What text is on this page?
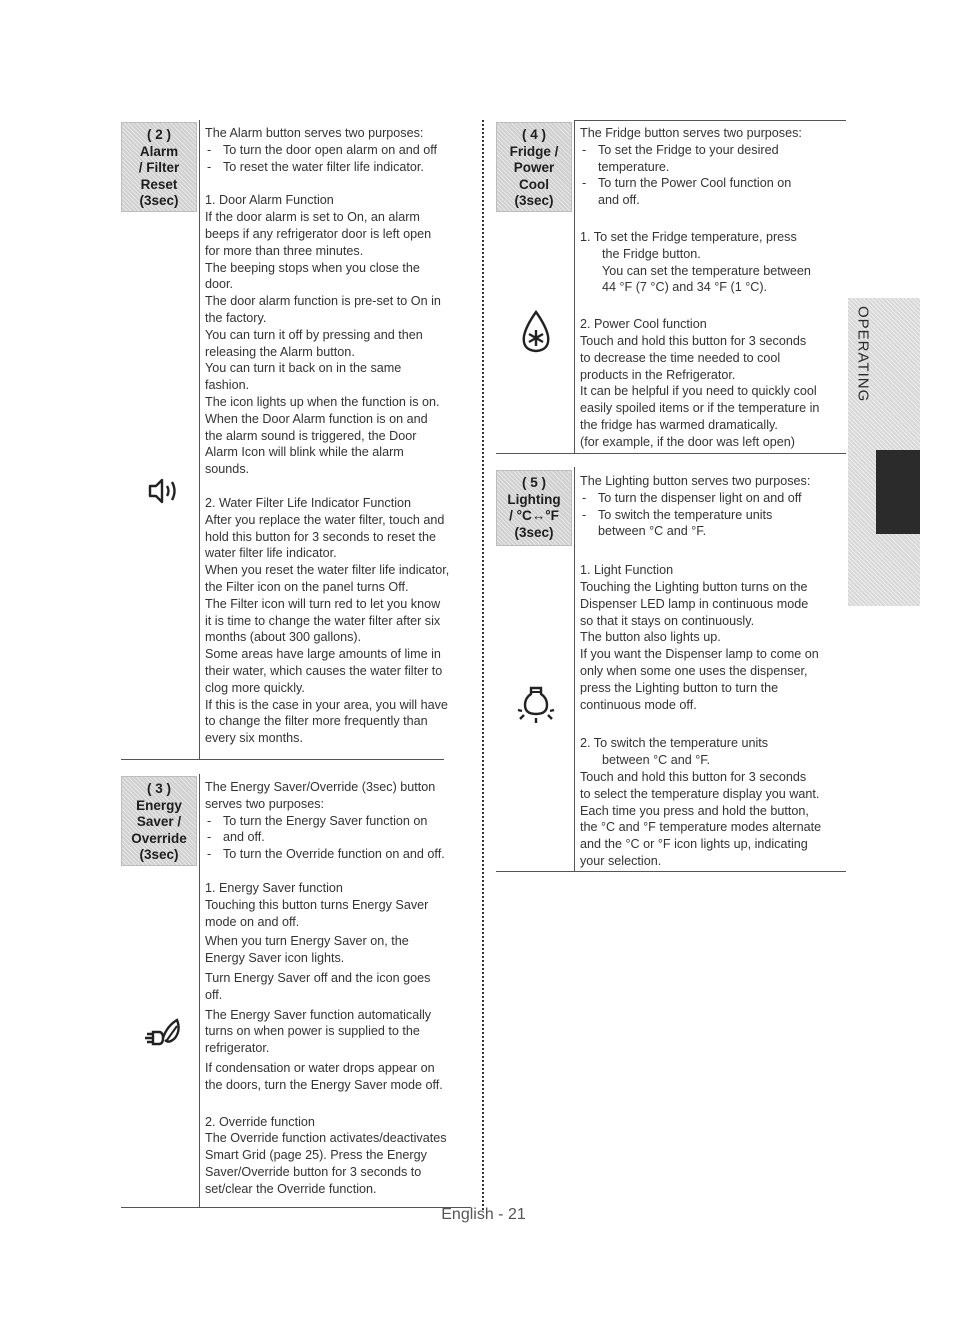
( 2 )
Alarm
/ Filter
Reset
(3sec)

The Alarm button serves two purposes:

- To turn the door open alarm on and off

- To reset the water filter life indicator.

1. Door Alarm Function

If the door alarm is set to On, an alarm

beeps if any refrigerator door is left open

for more than three minutes.

The beeping stops when you close the

door.

The door alarm function is pre-set to On in

the factory.

You can turn it off by pressing and then

releasing the Alarm button.

You can turn it back on in the same

fashion.

The icon lights up when the function is on.

When the Door Alarm function is on and

the alarm sound is triggered, the Door

Alarm Icon will blink while the alarm

sounds.

2. Water Filter Life Indicator Function

After you replace the water filter, touch and

hold this button for 3 seconds to reset the

water filter life indicator.

When you reset the water filter life indicator,

the Filter icon on the panel turns Off.

The Filter icon will turn red to let you know

it is time to change the water filter after six

months (about 300 gallons).

Some areas have large amounts of lime in

their water, which causes the water filter to

clog more quickly.

If this is the case in your area, you will have

to change the filter more frequently than

every six months.

( 3 )
Energy
Saver /
Override
(3sec)

The Energy Saver/Override (3sec) button

serves two purposes:

- To turn the Energy Saver function on

- and off.

- To turn the Override function on and off.

1. Energy Saver function

Touching this button turns Energy Saver

mode on and off.

When you turn Energy Saver on, the

Energy Saver icon lights.

Turn Energy Saver off and the icon goes

off.

The Energy Saver function automatically

turns on when power is supplied to the

refrigerator.

If condensation or water drops appear on

the doors, turn the Energy Saver mode off.

2. Override function

The Override function activates/deactivates

Smart Grid (page 25). Press the Energy

Saver/Override button for 3 seconds to

set/clear the Override function.

( 4 )
Fridge /
Power
Cool
(3sec)

The Fridge button serves two purposes:

- To set the Fridge to your desired

temperature.

- To turn the Power Cool function on

and off.

1. To set the Fridge temperature, press

the Fridge button.

You can set the temperature between

44 °F (7 °C) and 34 °F (1 °C).

2. Power Cool function

Touch and hold this button for 3 seconds

to decrease the time needed to cool

products in the Refrigerator.

It can be helpful if you need to quickly cool

easily spoiled items or if the temperature in

the fridge has warmed dramatically.

(for example, if the door was left open)

( 5 )
Lighting
/ °C↔°F
(3sec)

The Lighting button serves two purposes:

- To turn the dispenser light on and off

- To switch the temperature units

between °C and °F.

1. Light Function

Touching the Lighting button turns on the

Dispenser LED lamp in continuous mode

so that it stays on continuously.

The button also lights up.

If you want the Dispenser lamp to come on

only when some one uses the dispenser,

press the Lighting button to turn the

continuous mode off.

2. To switch the temperature units

between °C and °F.

Touch and hold this button for 3 seconds

to select the temperature display you want.

Each time you press and hold the button,

the °C and °F temperature modes alternate

and the °C or °F icon lights up, indicating

your selection.

OPERATING
English - 21
